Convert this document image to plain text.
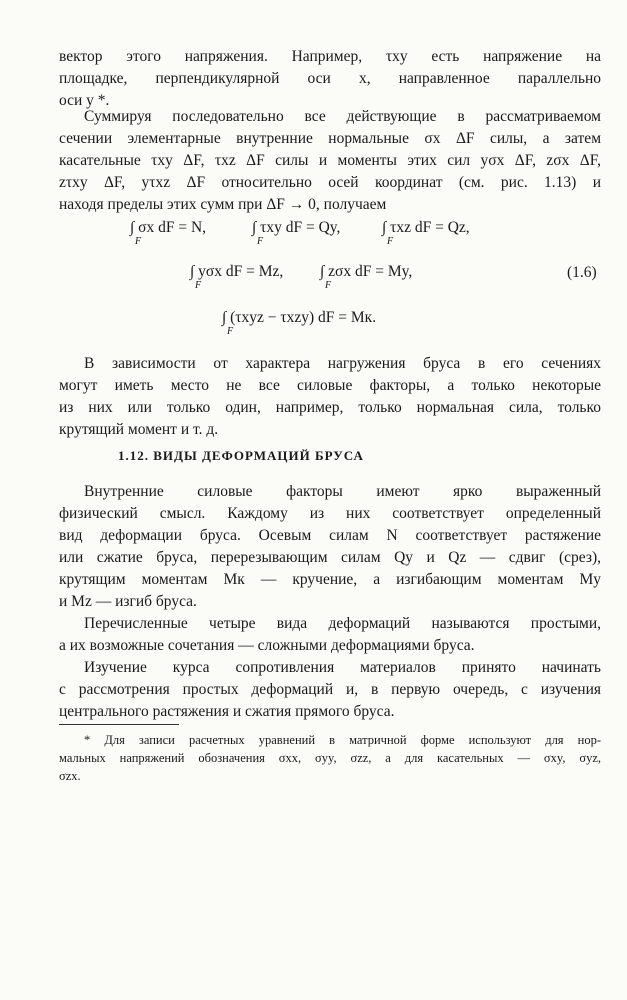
вектор этого напряжения. Например, τxy есть напряжение на
площадке, перпендикулярной оси x, направленное параллельно
оси y *.
Суммируя последовательно все действующие в рассматриваемом
сечении элементарные внутренние нормальные σx ΔF силы, а затем
касательные τxy ΔF, τxz ΔF силы и моменты этих сил yσx ΔF, zσx ΔF,
zτxy ΔF, yτxz ΔF относительно осей координат (см. рис. 1.13) и
находя пределы этих сумм при ΔF → 0, получаем
∫ σx dF = N,	∫ τxy dF = Qy,	∫ τxz dF = Qz,
F	F	F
∫ yσx dF = Mz, ∫ zσx dF = My,
F	F
(1.6)
∫ (τxyz − τxzy) dF = Mк.
F
В зависимости от характера нагружения бруса в его сечениях
могут иметь место не все силовые факторы, а только некоторые
из них или только один, например, только нормальная сила, только
крутящий момент и т. д.
1.12. ВИДЫ ДЕФОРМАЦИЙ БРУСА
Внутренние силовые факторы имеют ярко выраженный
физический смысл. Каждому из них соответствует определенный
вид деформации бруса. Осевым силам N соответствует растяжение
или сжатие бруса, перерезывающим силам Qy и Qz — сдвиг (срез),
крутящим моментам Mк — кручение, а изгибающим моментам My
и Mz — изгиб бруса.
Перечисленные четыре вида деформаций называются простыми,
а их возможные сочетания — сложными деформациями бруса.
Изучение курса сопротивления материалов принято начинать
с рассмотрения простых деформаций и, в первую очередь, с изучения
центрального растяжения и сжатия прямого бруса.
* Для записи расчетных уравнений в матричной форме используют для нор-
мальных напряжений обозначения σxx, σyy, σzz, а для касательных — σxy, σyz,
σzx.
